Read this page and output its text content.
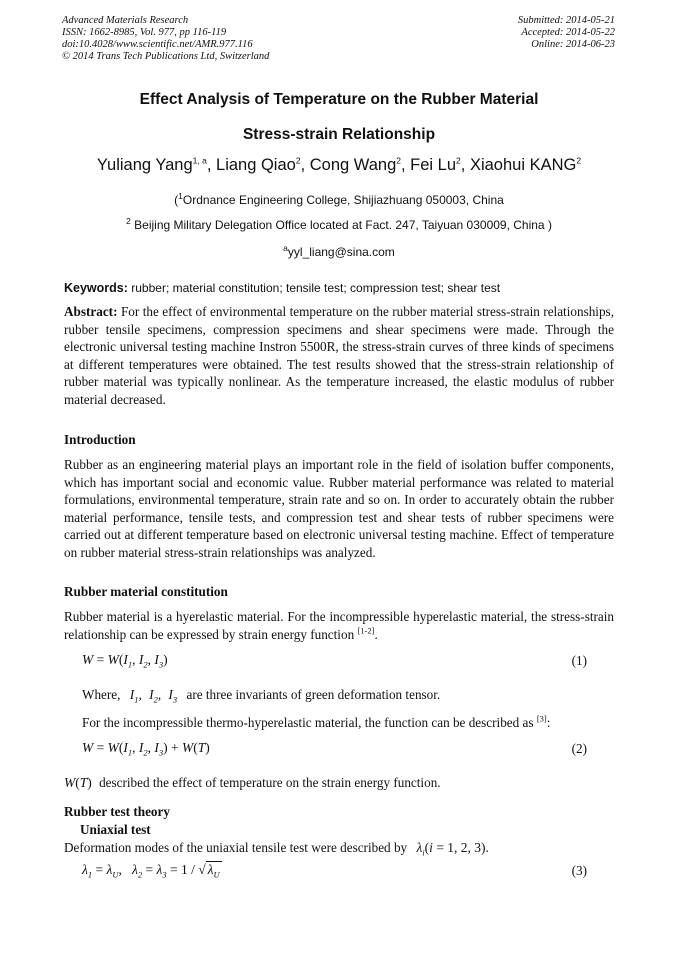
Advanced Materials Research
ISSN: 1662-8985, Vol. 977, pp 116-119
doi:10.4028/www.scientific.net/AMR.977.116
© 2014 Trans Tech Publications Ltd, Switzerland
Submitted: 2014-05-21
Accepted: 2014-05-22
Online: 2014-06-23
Effect Analysis of Temperature on the Rubber Material
Stress-strain Relationship
Yuliang Yang$^{1, a}$, Liang Qiao$^2$, Cong Wang$^2$, Fei Lu$^2$, Xiaohui KANG$^2$
($^1$Ordnance Engineering College, Shijiazhuang 050003, China
$^2$ Beijing Military Delegation Office located at Fact. 247, Taiyuan 030009, China )
$^a$yyl_liang@sina.com
Keywords: rubber; material constitution; tensile test; compression test; shear test
Abstract: For the effect of environmental temperature on the rubber material stress-strain relationships, rubber tensile specimens, compression specimens and shear specimens were made. Through the electronic universal testing machine Instron 5500R, the stress-strain curves of three kinds of specimens at different temperatures were obtained. The test results showed that the stress-strain relationship of rubber material was typically nonlinear. As the temperature increased, the elastic modulus of rubber material decreased.
Introduction
Rubber as an engineering material plays an important role in the field of isolation buffer components, which has important social and economic value. Rubber material performance was related to material formulations, environmental temperature, strain rate and so on. In order to accurately obtain the rubber material performance, tensile tests, and compression test and shear tests of rubber specimens were carried out at different temperature based on electronic universal testing machine. Effect of temperature on rubber material stress-strain relationships was analyzed.
Rubber material constitution
Rubber material is a hyerelastic material. For the incompressible hyperelastic material, the stress-strain relationship can be expressed by strain energy function [1-2].
$W = W(I_1$, $I_2$, $I_3$)	(1)
Where, $I_1$, $I_2$, $I_3$ are three invariants of green deformation tensor.
For the incompressible thermo-hyperelastic material, the function can be described as [3]:
$W = W(I_1$, $I_2$, $I_3) + W(T)$	(2)
W(T) described the effect of temperature on the strain energy function.
Rubber test theory
Uniaxial test
Deformation modes of the uniaxial tensile test were described by $\lambda_i(i = 1$, 2, 3).
$\lambda_1 = \lambda_U$,   $\lambda_2 = \lambda_3 = 1$ / √ $\lambda_U$	(3)
